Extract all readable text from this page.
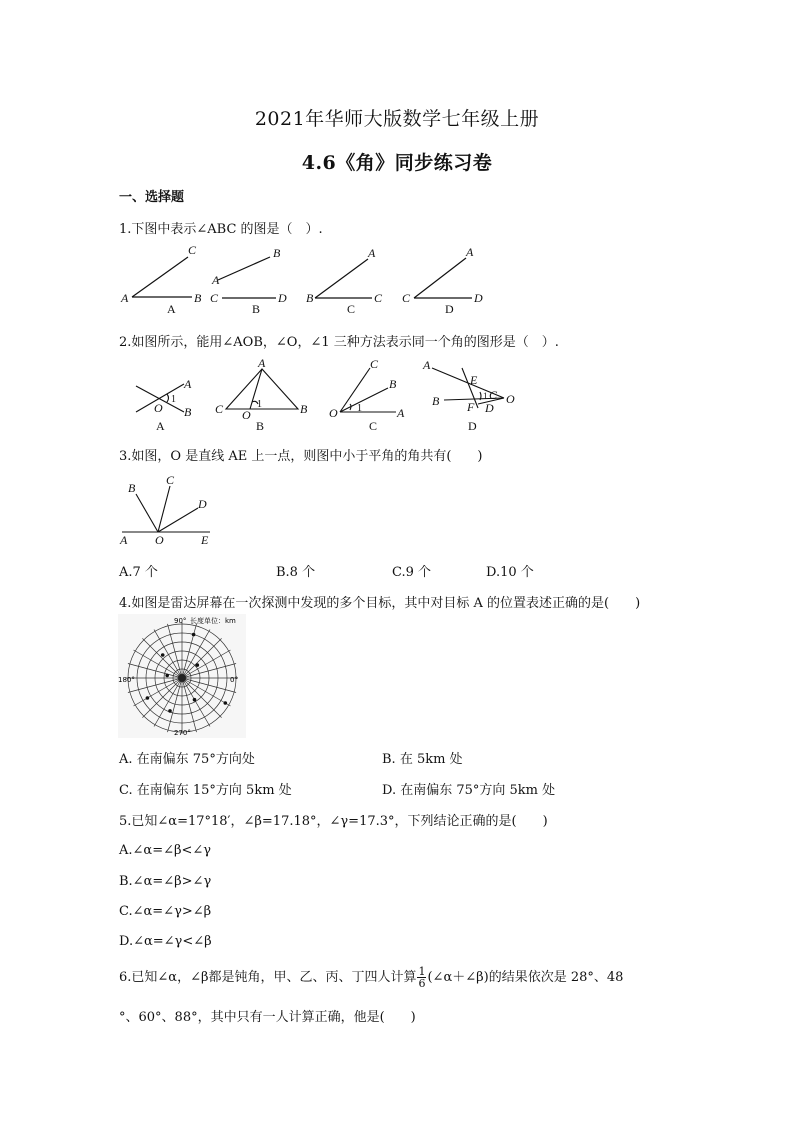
2021年华师大版数学七年级上册
4.6《角》同步练习卷
一、选择题
1.下图中表示∠ABC 的图是（　）.
C
A	B
A
B
A
C	D
B
A
B	C
C
A
C	D
D
2.如图所示，能用∠AOB，∠O，∠1 三种方法表示同一个角的图形是（　）.
A
O
1
B
A
A
C O
1	B
B
C
B
O 1	A
C
A
E
B F
1 C
D
O
D
3.如图，O 是直线 AE 上一点，则图中小于平角的角共有(　　)
B
C
D
A O	E
A.7 个	B.8 个	C.9 个	D.10 个
4.如图是雷达屏幕在一次探测中发现的多个目标，其中对目标 A 的位置表述正确的是(　　)
90° 长度单位：km
180°	0°
270°
A. 在南偏东 75°方向处	B. 在 5km 处
C. 在南偏东 15°方向 5km 处	D. 在南偏东 75°方向 5km 处
5.已知∠α=17°18′，∠β=17.18°，∠γ=17.3°，下列结论正确的是(　　)
A.∠α=∠β<∠γ
B.∠α=∠β>∠γ
C.∠α=∠γ>∠β
D.∠α=∠γ<∠β
6.已知∠α，∠β都是钝角，甲、乙、丙、丁四人计算 $\frac{1}{6}$ (∠α＋∠β)的结果依次是 28°、48
°、60°、88°，其中只有一人计算正确，他是(　　)
